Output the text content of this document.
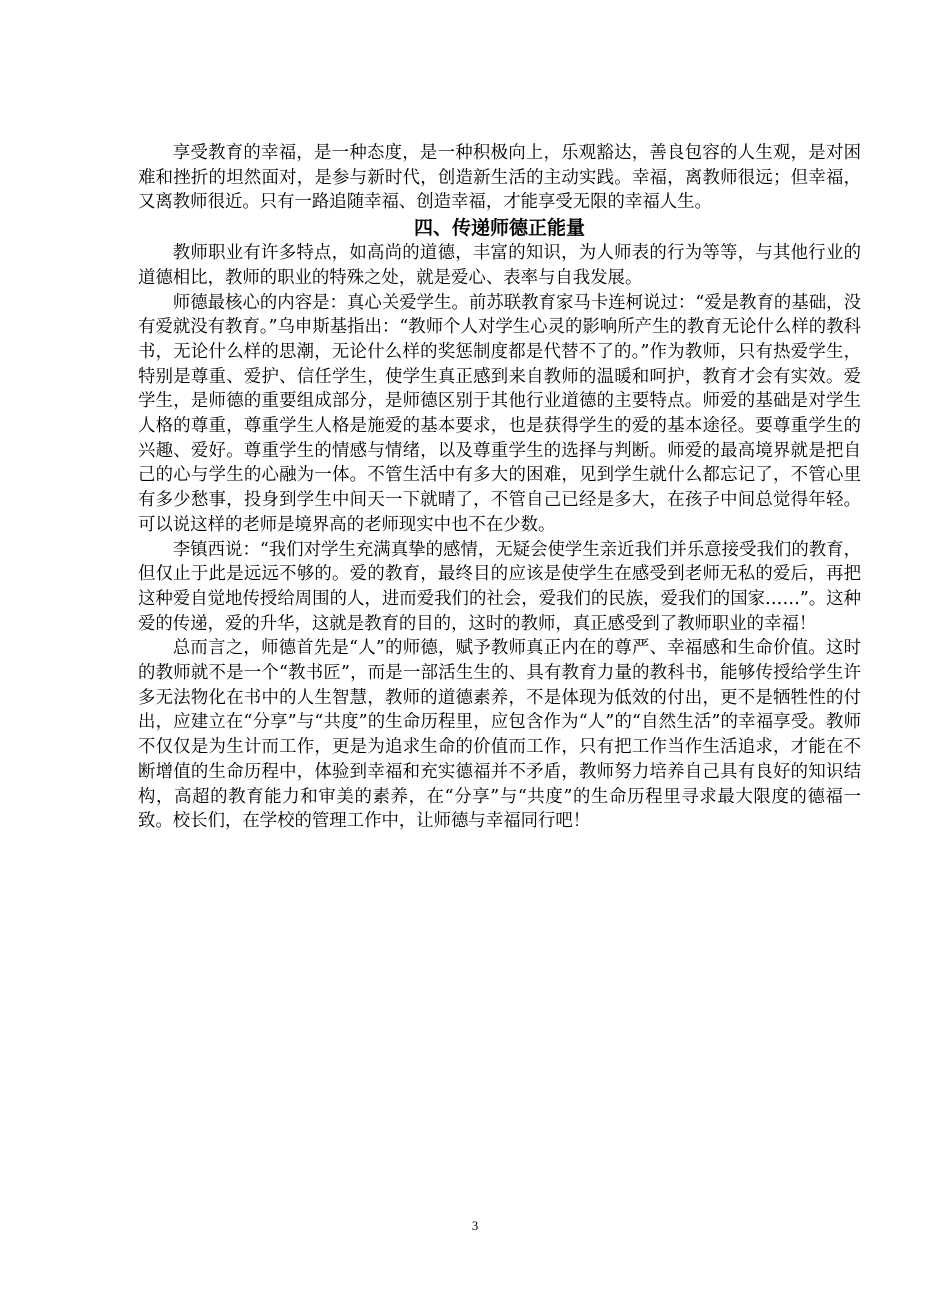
享受教育的幸福，是一种态度，是一种积极向上，乐观豁达，善良包容的人生观，是对困难和挫折的坦然面对，是参与新时代，创造新生活的主动实践。幸福，离教师很远；但幸福，又离教师很近。只有一路追随幸福、创造幸福，才能享受无限的幸福人生。

四、传递师德正能量

教师职业有许多特点，如高尚的道德，丰富的知识，为人师表的行为等等，与其他行业的道德相比，教师的职业的特殊之处，就是爱心、表率与自我发展。

师德最核心的内容是：真心关爱学生。前苏联教育家马卡连柯说过：“爱是教育的基础，没有爱就没有教育。”乌申斯基指出：“教师个人对学生心灵的影响所产生的教育无论什么样的教科书，无论什么样的思潮，无论什么样的奖惩制度都是代替不了的。”作为教师，只有热爱学生，特别是尊重、爱护、信任学生，使学生真正感到来自教师的温暖和呵护，教育才会有实效。爱学生，是师德的重要组成部分，是师德区别于其他行业道德的主要特点。师爱的基础是对学生人格的尊重，尊重学生人格是施爱的基本要求，也是获得学生的爱的基本途径。要尊重学生的兴趣、爱好。尊重学生的情感与情绪，以及尊重学生的选择与判断。师爱的最高境界就是把自己的心与学生的心融为一体。不管生活中有多大的困难，见到学生就什么都忘记了，不管心里有多少愁事，投身到学生中间天一下就晴了，不管自己已经是多大，在孩子中间总觉得年轻。可以说这样的老师是境界高的老师现实中也不在少数。

李镇西说：“我们对学生充满真挚的感情，无疑会使学生亲近我们并乐意接受我们的教育，但仅止于此是远远不够的。爱的教育，最终目的应该是使学生在感受到老师无私的爱后，再把这种爱自觉地传授给周围的人，进而爱我们的社会，爱我们的民族，爱我们的国家……”。这种爱的传递，爱的升华，这就是教育的目的，这时的教师，真正感受到了教师职业的幸福！

总而言之，师德首先是“人”的师德，赋予教师真正内在的尊严、幸福感和生命价值。这时的教师就不是一个“教书匠”，而是一部活生生的、具有教育力量的教科书，能够传授给学生许多无法物化在书中的人生智慧，教师的道德素养，不是体现为低效的付出，更不是牺牲性的付出，应建立在“分享”与“共度”的生命历程里，应包含作为“人”的“自然生活”的幸福享受。教师不仅仅是为生计而工作，更是为追求生命的价值而工作，只有把工作当作生活追求，才能在不断增值的生命历程中，体验到幸福和充实德福并不矛盾，教师努力培养自己具有良好的知识结构，高超的教育能力和审美的素养，在“分享”与“共度”的生命历程里寻求最大限度的德福一致。校长们，在学校的管理工作中，让师德与幸福同行吧！

3
